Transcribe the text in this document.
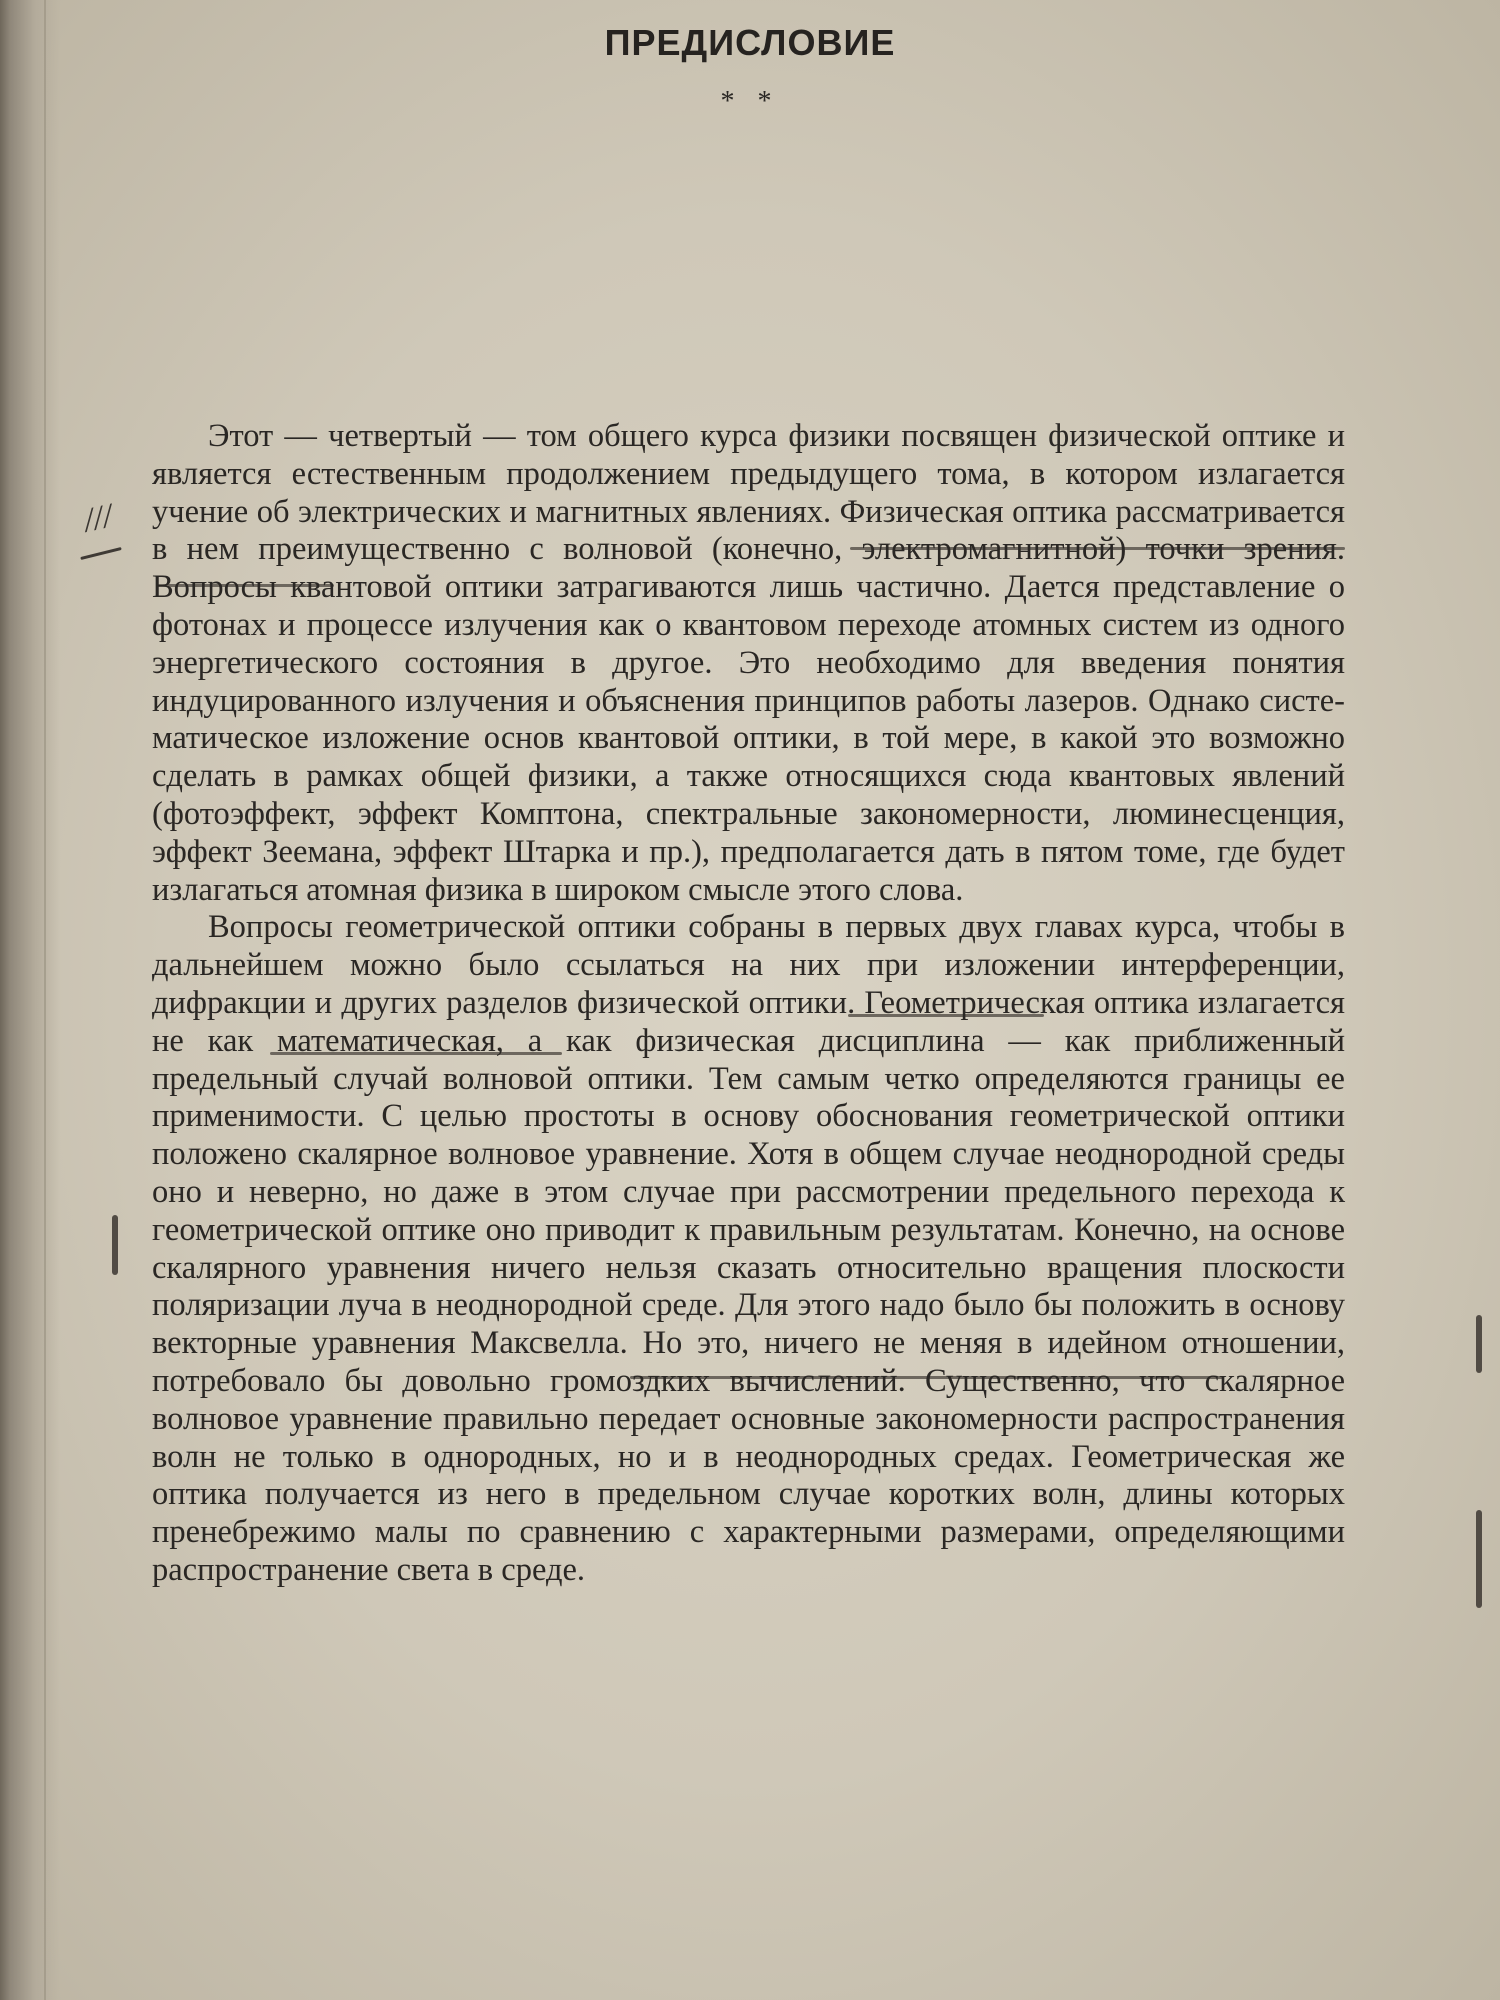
ПРЕДИСЛОВИЕ
* *
///

Этот — четвертый — том общего курса физики посвящен физической оптике и является естественным продолжением предыдущего тома, в котором излагается учение об электрических и магнитных явлениях. Физическая оптика рассматривается в нем преимущественно с волновой (конечно, электромагнитной) точки зрения. Вопросы квантовой оптики затрагиваются лишь частично. Дается представление о фотонах и процессе излучения как о квантовом переходе атомных систем из одного энергетического состояния в другое. Это необходимо для введения понятия индуцированного излучения и объяснения принципов работы лазеров. Однако систематическое изложение основ квантовой оптики, в той мере, в какой это возможно сделать в рамках общей физики, а также относящихся сюда квантовых явлений (фотоэффект, эффект Комптона, спектральные закономерности, люминесценция, эффект Зеемана, эффект Штарка и пр.), предполагается дать в пятом томе, где будет излагаться атомная физика в широком смысле этого слова.

Вопросы геометрической оптики собраны в первых двух главах курса, чтобы в дальнейшем можно было ссылаться на них при изложении интерференции, дифракции и других разделов физической оптики. Геометрическая оптика излагается не как математическая, а как физическая дисциплина — как приближенный предельный случай волновой оптики. Тем самым четко определяются границы ее применимости. С целью простоты в основу обоснования геометрической оптики положено скалярное волновое уравнение. Хотя в общем случае неоднородной среды оно и неверно, но даже в этом случае при рассмотрении предельного перехода к геометрической оптике оно приводит к правильным результатам. Конечно, на основе скалярного уравнения ничего нельзя сказать относительно вращения плоскости поляризации луча в неоднородной среде. Для этого надо было бы положить в основу векторные уравнения Максвелла. Но это, ничего не меняя в идейном отношении, потребовало бы довольно громоздких вычислений. Существенно, что скалярное волновое уравнение правильно передает основные закономерности распространения волн не только в однородных, но и в неоднородных средах. Геометрическая же оптика получается из него в предельном случае коротких волн, длины которых пренебрежимо малы по сравнению с характерными размерами, определяющими распространение света в среде.
